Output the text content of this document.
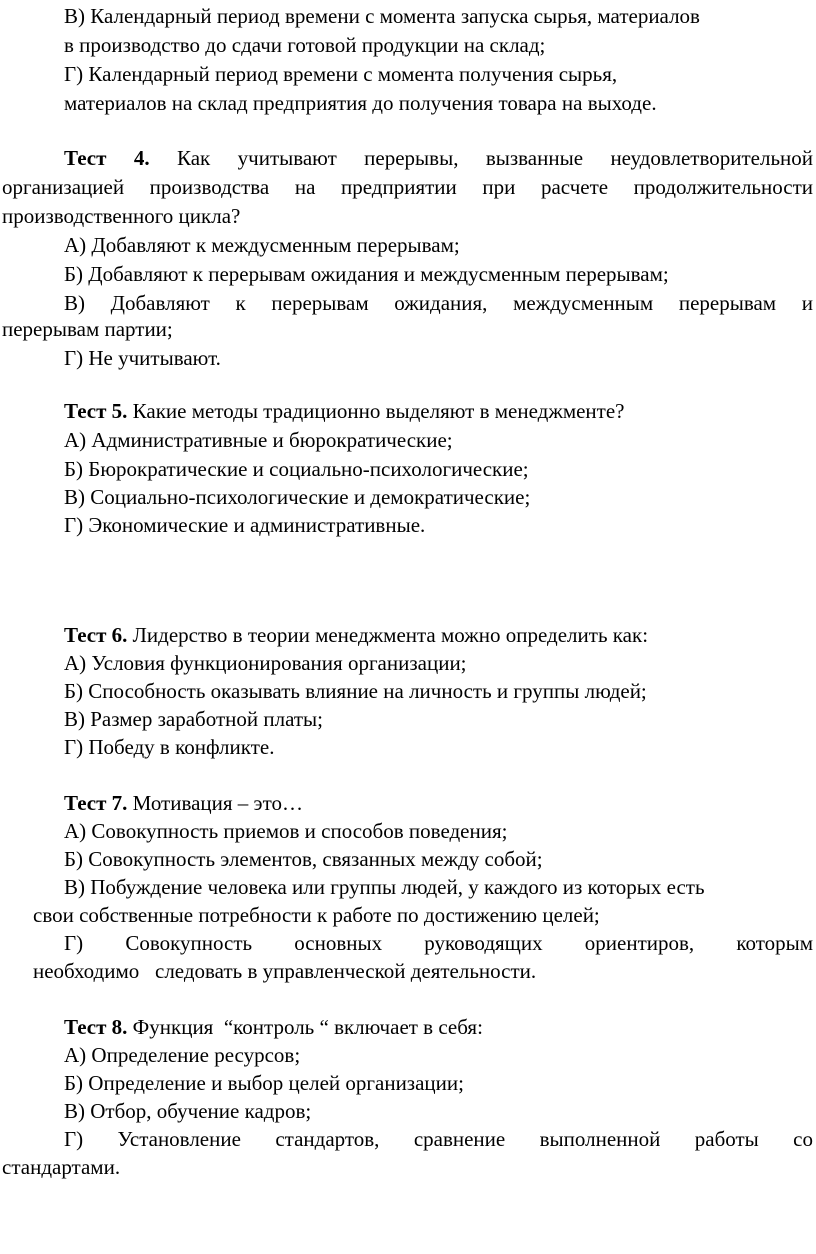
В) Календарный период времени с момента запуска сырья, материалов
в производство до сдачи готовой продукции на склад;
Г) Календарный период времени с момента получения сырья,
материалов на склад предприятия до получения товара на выходе.
Тест 4. Как учитывают перерывы, вызванные неудовлетворительной
организацией производства на предприятии при расчете продолжительности
производственного цикла?
А) Добавляют к междусменным перерывам;
Б) Добавляют к перерывам ожидания и междусменным перерывам;
В) Добавляют к перерывам ожидания, междусменным перерывам и
перерывам партии;
Г) Не учитывают.
Тест 5. Какие методы традиционно выделяют в менеджменте?
А) Административные и бюрократические;
Б) Бюрократические и социально-психологические;
В) Социально-психологические и демократические;
Г) Экономические и административные.
Тест 6. Лидерство в теории менеджмента можно определить как:
А) Условия функционирования организации;
Б) Способность оказывать влияние на личность и группы людей;
В) Размер заработной платы;
Г) Победу в конфликте.
Тест 7. Мотивация – это…
А) Совокупность приемов и способов поведения;
Б) Совокупность элементов, связанных между собой;
В) Побуждение человека или группы людей, у каждого из которых есть
свои собственные потребности к работе по достижению целей;
Г) Совокупность основных руководящих ориентиров, которым
необходимо   следовать в управленческой деятельности.
Тест 8. Функция  “контроль “ включает в себя:
А) Определение ресурсов;
Б) Определение и выбор целей организации;
В) Отбор, обучение кадров;
Г) Установление стандартов, сравнение выполненной работы со
стандартами.
